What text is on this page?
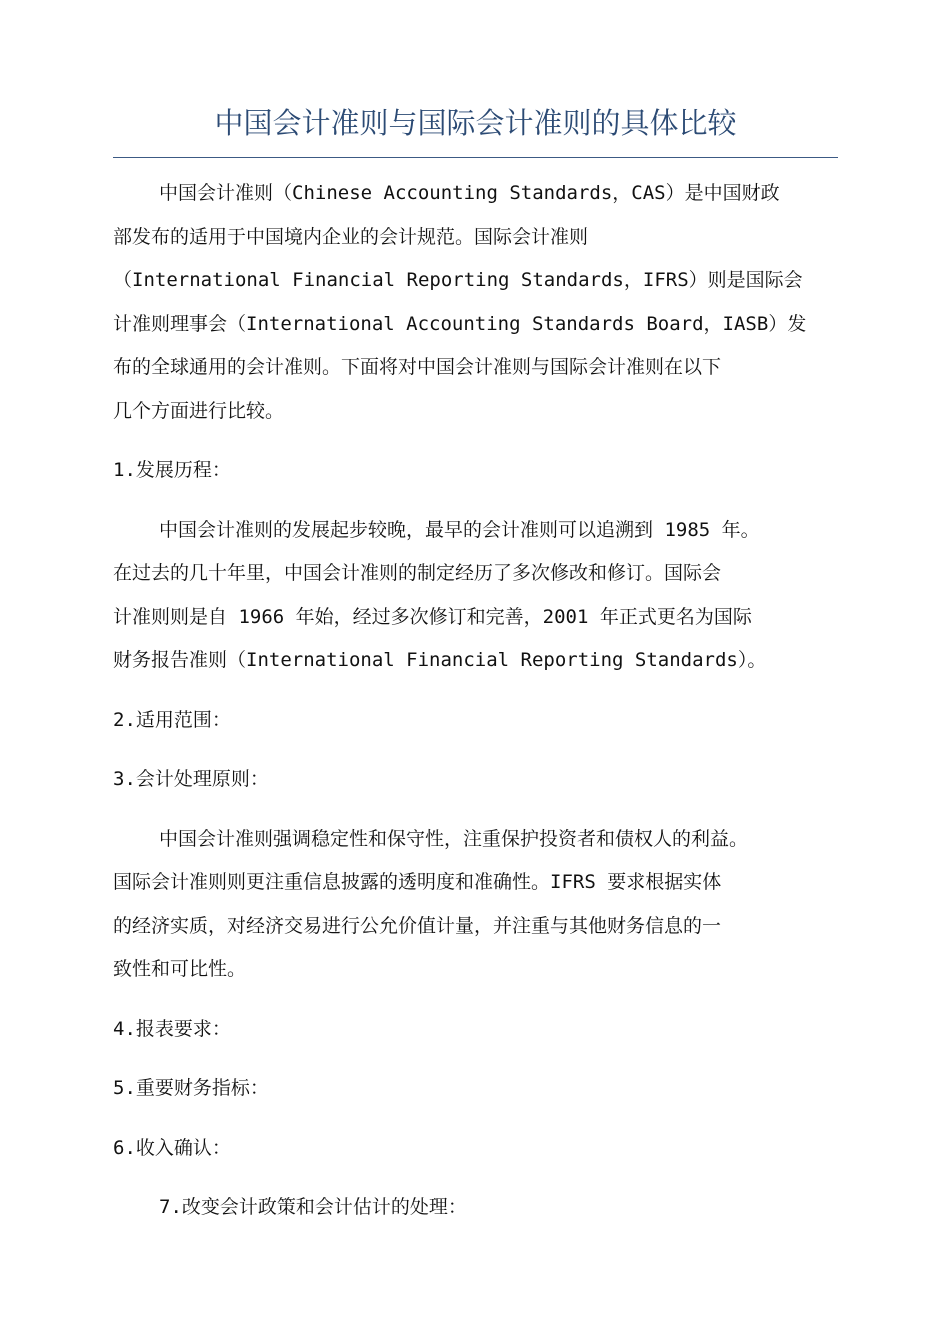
中国会计准则与国际会计准则的具体比较
中国会计准则（Chinese Accounting Standards，CAS）是中国财政
部发布的适用于中国境内企业的会计规范。国际会计准则
（International Financial Reporting Standards，IFRS）则是国际会
计准则理事会（International Accounting Standards Board，IASB）发
布的全球通用的会计准则。下面将对中国会计准则与国际会计准则在以下
几个方面进行比较。
1.发展历程：
中国会计准则的发展起步较晚，最早的会计准则可以追溯到 1985 年。
在过去的几十年里，中国会计准则的制定经历了多次修改和修订。国际会
计准则则是自 1966 年始，经过多次修订和完善，2001 年正式更名为国际
财务报告准则（International Financial Reporting Standards）。
2.适用范围：
3.会计处理原则：
中国会计准则强调稳定性和保守性，注重保护投资者和债权人的利益。
国际会计准则则更注重信息披露的透明度和准确性。IFRS 要求根据实体
的经济实质，对经济交易进行公允价值计量，并注重与其他财务信息的一
致性和可比性。
4.报表要求：
5.重要财务指标：
6.收入确认：
7.改变会计政策和会计估计的处理：
